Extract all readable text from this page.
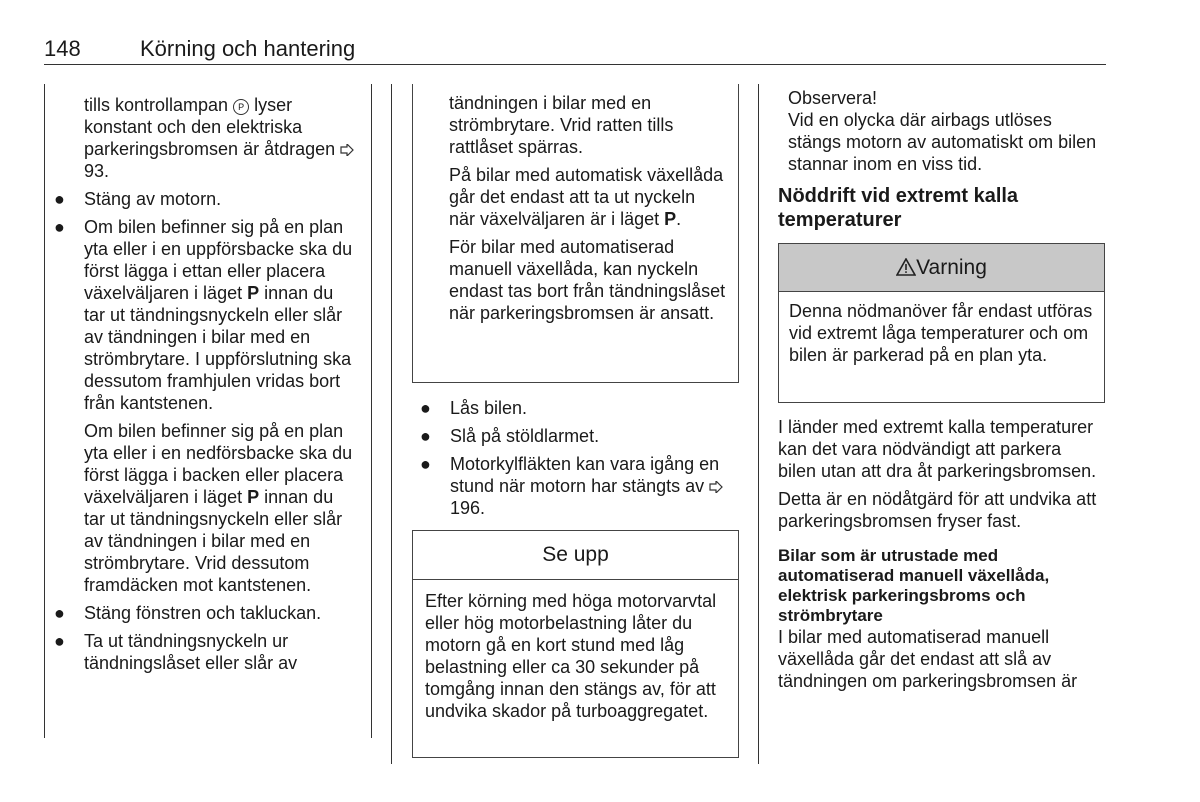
148	Körning och hantering
tills kontrollampan P lyser konstant och den elektriska parkeringsbromsen är åtdragen  93.
● Stäng av motorn.
● Om bilen befinner sig på en plan yta eller i en uppförsbacke ska du först lägga i ettan eller placera växelväljaren i läget P innan du tar ut tändningsnyckeln eller slår av tändningen i bilar med en strömbrytare. I uppförslutning ska dessutom framhjulen vridas bort från kantstenen.
Om bilen befinner sig på en plan yta eller i en nedförsbacke ska du först lägga i backen eller placera växelväljaren i läget P innan du tar ut tändningsnyckeln eller slår av tändningen i bilar med en strömbrytare. Vrid dessutom framdäcken mot kantstenen.
● Stäng fönstren och takluckan.
● Ta ut tändningsnyckeln ur tändningslåset eller slår av

tändningen i bilar med en strömbrytare. Vrid ratten tills rattlåset spärras.

På bilar med automatisk växellåda går det endast att ta ut nyckeln när växelväljaren är i läget P.

För bilar med automatiserad manuell växellåda, kan nyckeln endast tas bort från tändningslåset när parkeringsbromsen är ansatt.

● Lås bilen.
● Slå på stöldlarmet.
● Motorkylfläkten kan vara igång en stund när motorn har stängts av  196.
Se upp
Efter körning med höga motorvarvtal eller hög motorbelastning låter du motorn gå en kort stund med låg belastning eller ca 30 sekunder på tomgång innan den stängs av, för att undvika skador på turboaggregatet.

Observera!

Vid en olycka där airbags utlöses stängs motorn av automatiskt om bilen stannar inom en viss tid.

Nöddrift vid extremt kalla temperaturer
Varning
Denna nödmanöver får endast utföras vid extremt låga temperaturer och om bilen är parkerad på en plan yta.

I länder med extremt kalla temperaturer kan det vara nödvändigt att parkera bilen utan att dra åt parkeringsbromsen.

Detta är en nödåtgärd för att undvika att parkeringsbromsen fryser fast.

Bilar som är utrustade med automatiserad manuell växellåda, elektrisk parkeringsbroms och strömbrytare

I bilar med automatiserad manuell växellåda går det endast att slå av tändningen om parkeringsbromsen är
